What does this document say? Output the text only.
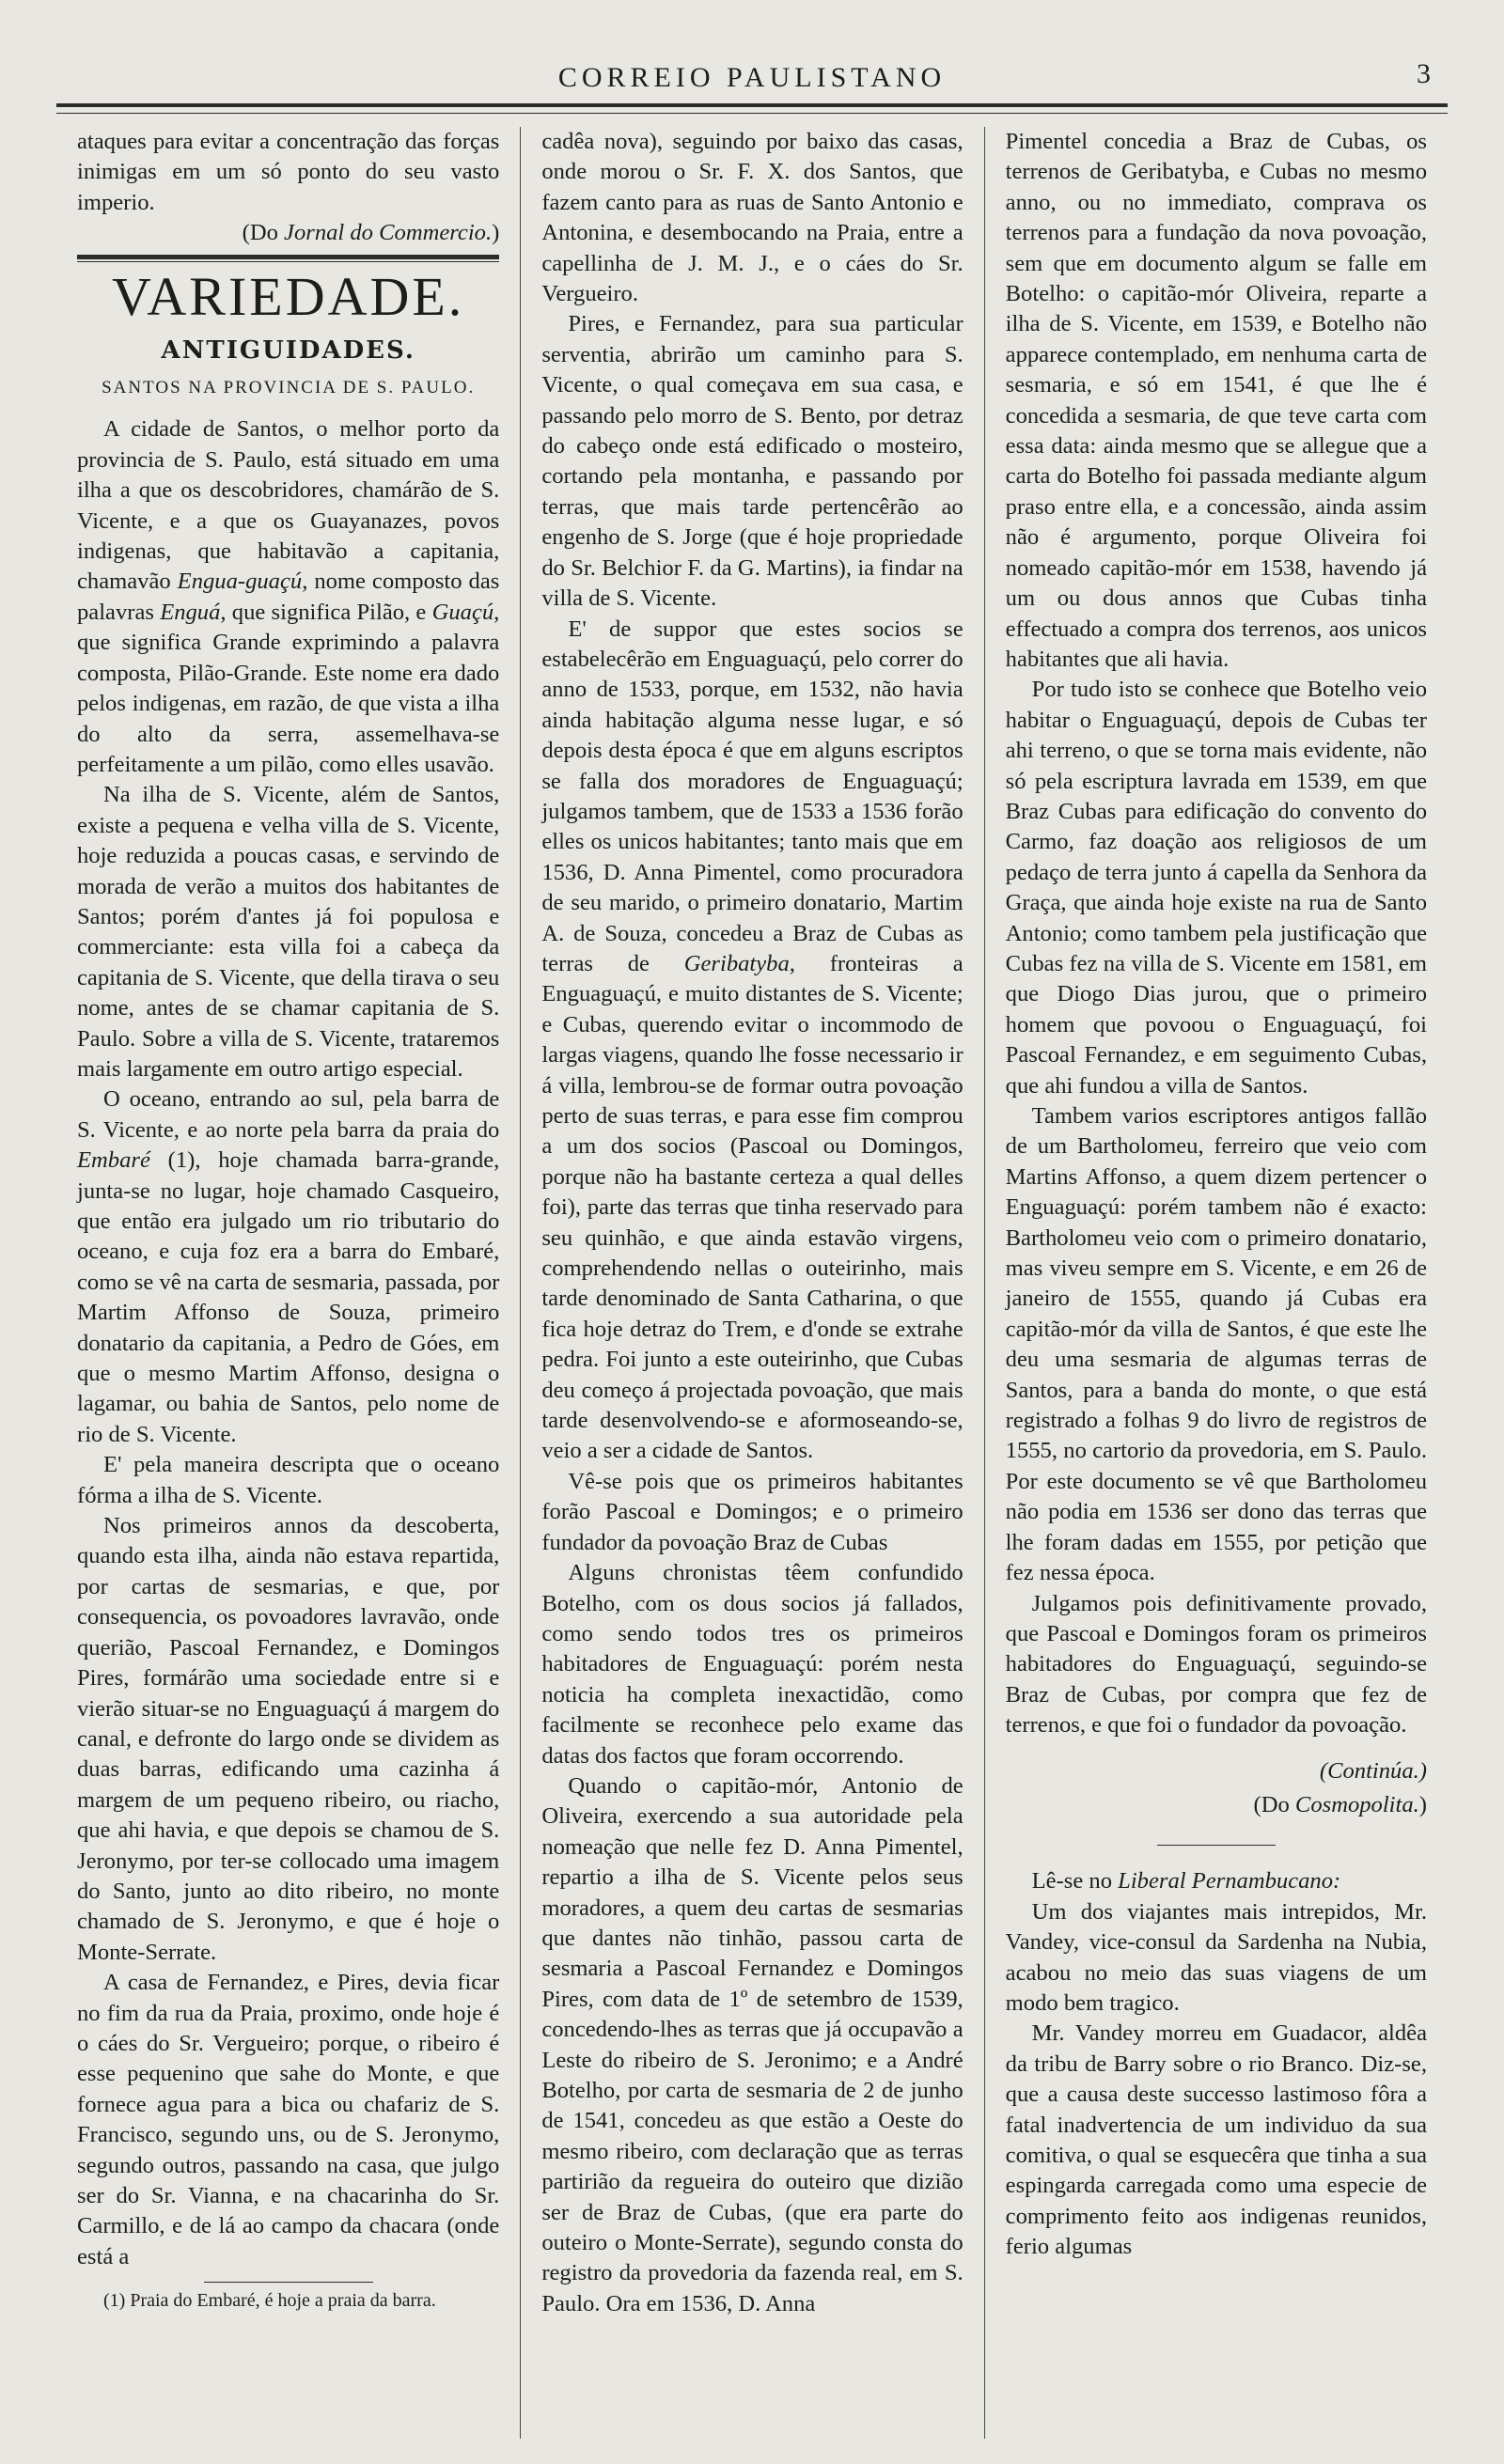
CORREIO PAULISTANO	3

ataques para evitar a concentração das forças inimigas em um só ponto do seu vasto imperio.

(Do Jornal do Commercio.)

VARIEDADE.
ANTIGUIDADES.
SANTOS NA PROVINCIA DE S. PAULO.

A cidade de Santos, o melhor porto da provincia de S. Paulo, está situado em uma ilha a que os descobridores, chamárão de S. Vicente, e a que os Guayanazes, povos indigenas, que habitavão a capitania, chamavão Engua-guaçú, nome composto das palavras Enguá, que significa Pilão, e Guaçú, que significa Grande exprimindo a palavra composta, Pilão-Grande. Este nome era dado pelos indigenas, em razão, de que vista a ilha do alto da serra, assemelhava-se perfeitamente a um pilão, como elles usavão.

Na ilha de S. Vicente, além de Santos, existe a pequena e velha villa de S. Vicente, hoje reduzida a poucas casas, e servindo de morada de verão a muitos dos habitantes de Santos; porém d'antes já foi populosa e commerciante: esta villa foi a cabeça da capitania de S. Vicente, que della tirava o seu nome, antes de se chamar capitania de S. Paulo. Sobre a villa de S. Vicente, trataremos mais largamente em outro artigo especial.

O oceano, entrando ao sul, pela barra de S. Vicente, e ao norte pela barra da praia do Embaré (1), hoje chamada barra-grande, junta-se no lugar, hoje chamado Casqueiro, que então era julgado um rio tributario do oceano, e cuja foz era a barra do Embaré, como se vê na carta de sesmaria, passada, por Martim Affonso de Souza, primeiro donatario da capitania, a Pedro de Góes, em que o mesmo Martim Affonso, designa o lagamar, ou bahia de Santos, pelo nome de rio de S. Vicente.

E' pela maneira descripta que o oceano fórma a ilha de S. Vicente.

Nos primeiros annos da descoberta, quando esta ilha, ainda não estava repartida, por cartas de sesmarias, e que, por consequencia, os povoadores lavravão, onde querião, Pascoal Fernandez, e Domingos Pires, formárão uma sociedade entre si e vierão situar-se no Enguaguaçú á margem do canal, e defronte do largo onde se dividem as duas barras, edificando uma cazinha á margem de um pequeno ribeiro, ou riacho, que ahi havia, e que depois se chamou de S. Jeronymo, por ter-se collocado uma imagem do Santo, junto ao dito ribeiro, no monte chamado de S. Jeronymo, e que é hoje o Monte-Serrate.

A casa de Fernandez, e Pires, devia ficar no fim da rua da Praia, proximo, onde hoje é o cáes do Sr. Vergueiro; porque, o ribeiro é esse pequenino que sahe do Monte, e que fornece agua para a bica ou chafariz de S. Francisco, segundo uns, ou de S. Jeronymo, segundo outros, passando na casa, que julgo ser do Sr. Vianna, e na chacarinha do Sr. Carmillo, e de lá ao campo da chacara (onde está a

(1) Praia do Embaré, é hoje a praia da barra.

cadêa nova), seguindo por baixo das casas, onde morou o Sr. F. X. dos Santos, que fazem canto para as ruas de Santo Antonio e Antonina, e desembocando na Praia, entre a capellinha de J. M. J., e o cáes do Sr. Vergueiro.

Pires, e Fernandez, para sua particular serventia, abrirão um caminho para S. Vicente, o qual começava em sua casa, e passando pelo morro de S. Bento, por detraz do cabeço onde está edificado o mosteiro, cortando pela montanha, e passando por terras, que mais tarde pertencêrão ao engenho de S. Jorge (que é hoje propriedade do Sr. Belchior F. da G. Martins), ia findar na villa de S. Vicente.

E' de suppor que estes socios se estabelecêrão em Enguaguaçú, pelo correr do anno de 1533, porque, em 1532, não havia ainda habitação alguma nesse lugar, e só depois desta época é que em alguns escriptos se falla dos moradores de Enguaguaçú; julgamos tambem, que de 1533 a 1536 forão elles os unicos habitantes; tanto mais que em 1536, D. Anna Pimentel, como procuradora de seu marido, o primeiro donatario, Martim A. de Souza, concedeu a Braz de Cubas as terras de Geribatyba, fronteiras a Enguaguaçú, e muito distantes de S. Vicente; e Cubas, querendo evitar o incommodo de largas viagens, quando lhe fosse necessario ir á villa, lembrou-se de formar outra povoação perto de suas terras, e para esse fim comprou a um dos socios (Pascoal ou Domingos, porque não ha bastante certeza a qual delles foi), parte das terras que tinha reservado para seu quinhão, e que ainda estavão virgens, comprehendendo nellas o outeirinho, mais tarde denominado de Santa Catharina, o que fica hoje detraz do Trem, e d'onde se extrahe pedra. Foi junto a este outeirinho, que Cubas deu começo á projectada povoação, que mais tarde desenvolvendo-se e aformoseando-se, veio a ser a cidade de Santos.

Vê-se pois que os primeiros habitantes forão Pascoal e Domingos; e o primeiro fundador da povoação Braz de Cubas

Alguns chronistas têem confundido Botelho, com os dous socios já fallados, como sendo todos tres os primeiros habitadores de Enguaguaçú: porém nesta noticia ha completa inexactidão, como facilmente se reconhece pelo exame das datas dos factos que foram occorrendo.

Quando o capitão-mór, Antonio de Oliveira, exercendo a sua autoridade pela nomeação que nelle fez D. Anna Pimentel, repartio a ilha de S. Vicente pelos seus moradores, a quem deu cartas de sesmarias que dantes não tinhão, passou carta de sesmaria a Pascoal Fernandez e Domingos Pires, com data de 1º de setembro de 1539, concedendo-lhes as terras que já occupavão a Leste do ribeiro de S. Jeronimo; e a André Botelho, por carta de sesmaria de 2 de junho de 1541, concedeu as que estão a Oeste do mesmo ribeiro, com declaração que as terras partirião da regueira do outeiro que dizião ser de Braz de Cubas, (que era parte do outeiro o Monte-Serrate), segundo consta do registro da provedoria da fazenda real, em S. Paulo. Ora em 1536, D. Anna

Pimentel concedia a Braz de Cubas, os terrenos de Geribatyba, e Cubas no mesmo anno, ou no immediato, comprava os terrenos para a fundação da nova povoação, sem que em documento algum se falle em Botelho: o capitão-mór Oliveira, reparte a ilha de S. Vicente, em 1539, e Botelho não apparece contemplado, em nenhuma carta de sesmaria, e só em 1541, é que lhe é concedida a sesmaria, de que teve carta com essa data: ainda mesmo que se allegue que a carta do Botelho foi passada mediante algum praso entre ella, e a concessão, ainda assim não é argumento, porque Oliveira foi nomeado capitão-mór em 1538, havendo já um ou dous annos que Cubas tinha effectuado a compra dos terrenos, aos unicos habitantes que ali havia.

Por tudo isto se conhece que Botelho veio habitar o Enguaguaçú, depois de Cubas ter ahi terreno, o que se torna mais evidente, não só pela escriptura lavrada em 1539, em que Braz Cubas para edificação do convento do Carmo, faz doação aos religiosos de um pedaço de terra junto á capella da Senhora da Graça, que ainda hoje existe na rua de Santo Antonio; como tambem pela justificação que Cubas fez na villa de S. Vicente em 1581, em que Diogo Dias jurou, que o primeiro homem que povoou o Enguaguaçú, foi Pascoal Fernandez, e em seguimento Cubas, que ahi fundou a villa de Santos.

Tambem varios escriptores antigos fallão de um Bartholomeu, ferreiro que veio com Martins Affonso, a quem dizem pertencer o Enguaguaçú: porém tambem não é exacto: Bartholomeu veio com o primeiro donatario, mas viveu sempre em S. Vicente, e em 26 de janeiro de 1555, quando já Cubas era capitão-mór da villa de Santos, é que este lhe deu uma sesmaria de algumas terras de Santos, para a banda do monte, o que está registrado a folhas 9 do livro de registros de 1555, no cartorio da provedoria, em S. Paulo. Por este documento se vê que Bartholomeu não podia em 1536 ser dono das terras que lhe foram dadas em 1555, por petição que fez nessa época.

Julgamos pois definitivamente provado, que Pascoal e Domingos foram os primeiros habitadores do Enguaguaçú, seguindo-se Braz de Cubas, por compra que fez de terrenos, e que foi o fundador da povoação.

(Continúa.)
(Do Cosmopolita.)

Lê-se no Liberal Pernambucano:

Um dos viajantes mais intrepidos, Mr. Vandey, vice-consul da Sardenha na Nubia, acabou no meio das suas viagens de um modo bem tragico.

Mr. Vandey morreu em Guadacor, aldêa da tribu de Barry sobre o rio Branco. Diz-se, que a causa deste successo lastimoso fôra a fatal inadvertencia de um individuo da sua comitiva, o qual se esquecêra que tinha a sua espingarda carregada como uma especie de comprimento feito aos indigenas reunidos, ferio algumas
